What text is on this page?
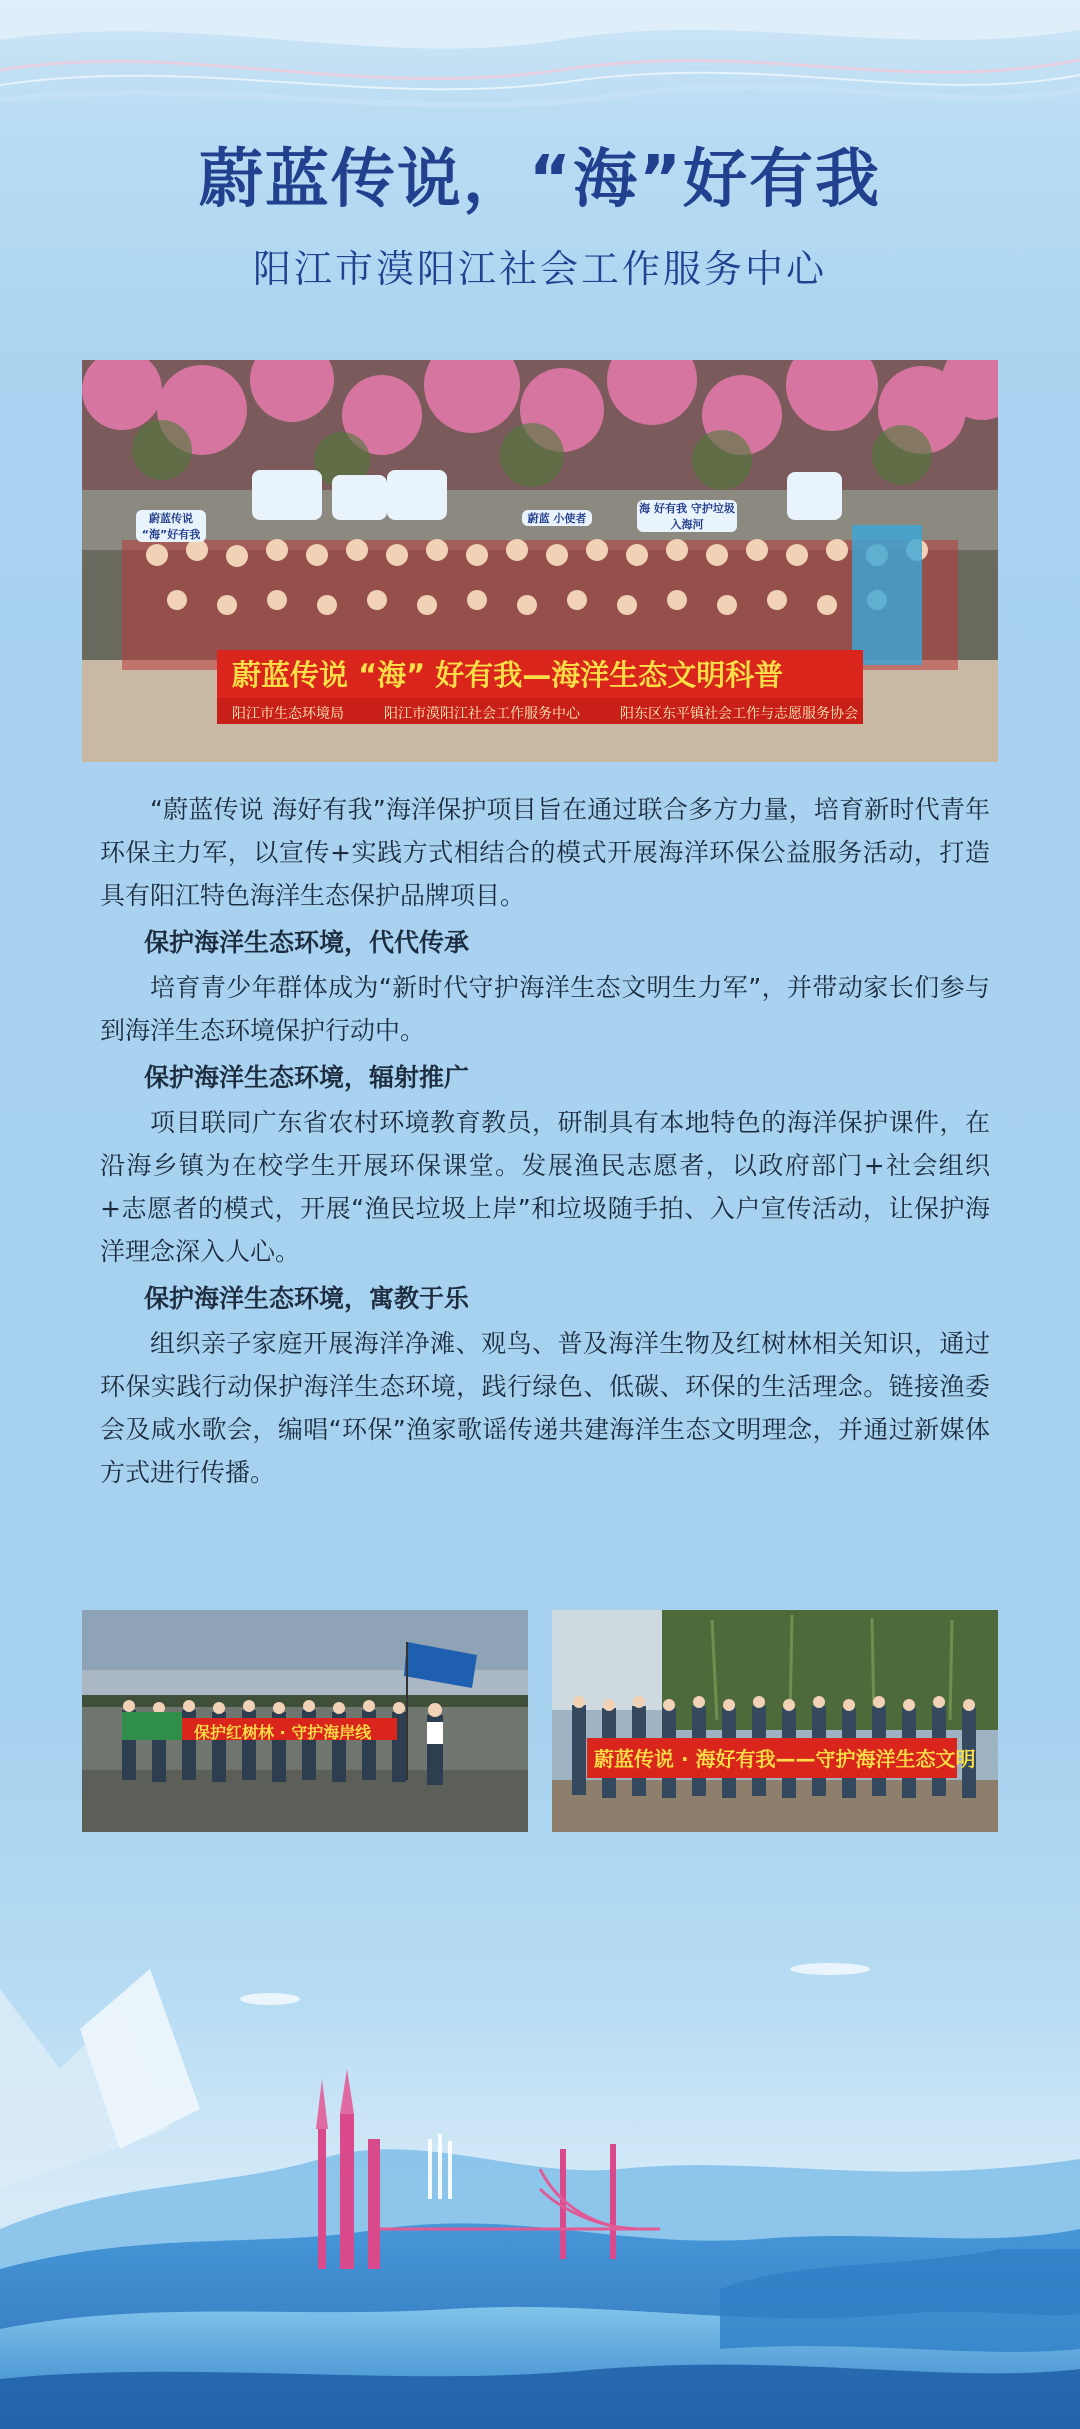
蔚蓝传说，“海”好有我
阳江市漠阳江社会工作服务中心
蔚蓝传说 “海”好有我
蔚蓝 小使者
海 好有我 守护垃圾入海河
蔚蓝传说 “海” 好有我—海洋生态文明科普
阳江市生态环境局	阳江市漠阳江社会工作服务中心	阳东区东平镇社会工作与志愿服务协会

“蔚蓝传说 海好有我”海洋保护项目旨在通过联合多方力量，培育新时代青年环保主力军，以宣传+实践方式相结合的模式开展海洋环保公益服务活动，打造具有阳江特色海洋生态保护品牌项目。

保护海洋生态环境，代代传承

培育青少年群体成为“新时代守护海洋生态文明生力军”，并带动家长们参与到海洋生态环境保护行动中。

保护海洋生态环境，辐射推广

项目联同广东省农村环境教育教员，研制具有本地特色的海洋保护课件，在沿海乡镇为在校学生开展环保课堂。发展渔民志愿者，以政府部门+社会组织+志愿者的模式，开展“渔民垃圾上岸”和垃圾随手拍、入户宣传活动，让保护海洋理念深入人心。

保护海洋生态环境，寓教于乐

组织亲子家庭开展海洋净滩、观鸟、普及海洋生物及红树林相关知识，通过环保实践行动保护海洋生态环境，践行绿色、低碳、环保的生活理念。链接渔委会及咸水歌会，编唱“环保”渔家歌谣传递共建海洋生态文明理念，并通过新媒体方式进行传播。

保护红树林 · 守护海岸线
蔚蓝传说 · 海好有我——守护海洋生态文明
